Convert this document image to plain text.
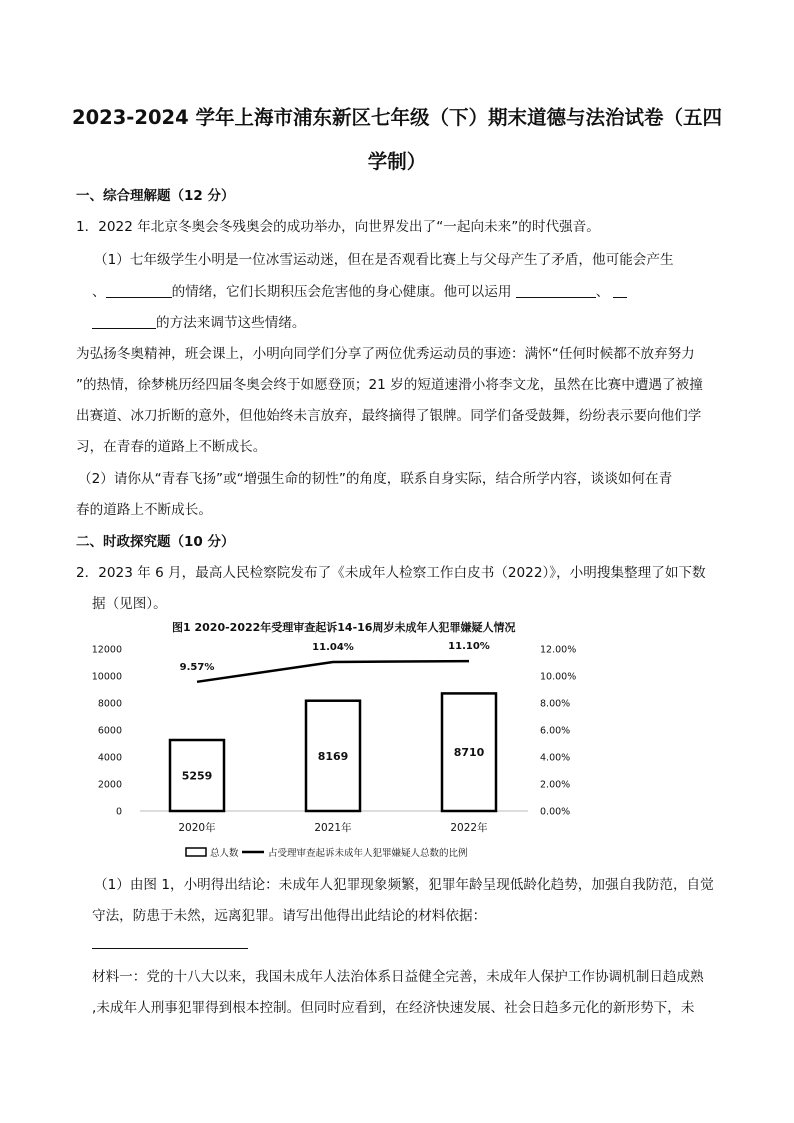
2023-2024 学年上海市浦东新区七年级（下）期末道德与法治试卷（五四
学制）
一、综合理解题（12 分）
1．2022 年北京冬奥会冬残奥会的成功举办，向世界发出了“一起向未来”的时代强音。
（1）七年级学生小明是一位冰雪运动迷，但在是否观看比赛上与父母产生了矛盾，他可能会产生
、	的情绪，它们长期积压会危害他的身心健康。他可以运用	、
的方法来调节这些情绪。
为弘扬冬奥精神，班会课上，小明向同学们分享了两位优秀运动员的事迹：满怀“任何时候都不放弃努力
”的热情，徐梦桃历经四届冬奥会终于如愿登顶；21 岁的短道速滑小将李文龙，虽然在比赛中遭遇了被撞
出赛道、冰刀折断的意外，但他始终未言放弃，最终摘得了银牌。同学们备受鼓舞，纷纷表示要向他们学
习，在青春的道路上不断成长。
（2）请你从“青春飞扬”或“增强生命的韧性”的角度，联系自身实际，结合所学内容，谈谈如何在青
春的道路上不断成长。
二、时政探究题（10 分）
2．2023 年 6 月，最高人民检察院发布了《未成年人检察工作白皮书（2022）》，小明搜集整理了如下数
据（见图）。
图1 2020-2022年受理审查起诉14-16周岁未成年人犯罪嫌疑人情况
12000
10000
8000
6000
4000
2000
0
12.00%
10.00%
8.00%
6.00%
4.00%
2.00%
0.00%
5259
8169	8710
9.57%
11.04%	11.10%
2020年	2021年	2022年
总人数	占受理审查起诉未成年人犯罪嫌疑人总数的比例
（1）由图 1，小明得出结论：未成年人犯罪现象频繁，犯罪年龄呈现低龄化趋势，加强自我防范，自觉
守法，防患于未然，远离犯罪。请写出他得出此结论的材料依据：
材料一：党的十八大以来，我国未成年人法治体系日益健全完善，未成年人保护工作协调机制日趋成熟
,未成年人刑事犯罪得到根本控制。但同时应看到，在经济快速发展、社会日趋多元化的新形势下，未
